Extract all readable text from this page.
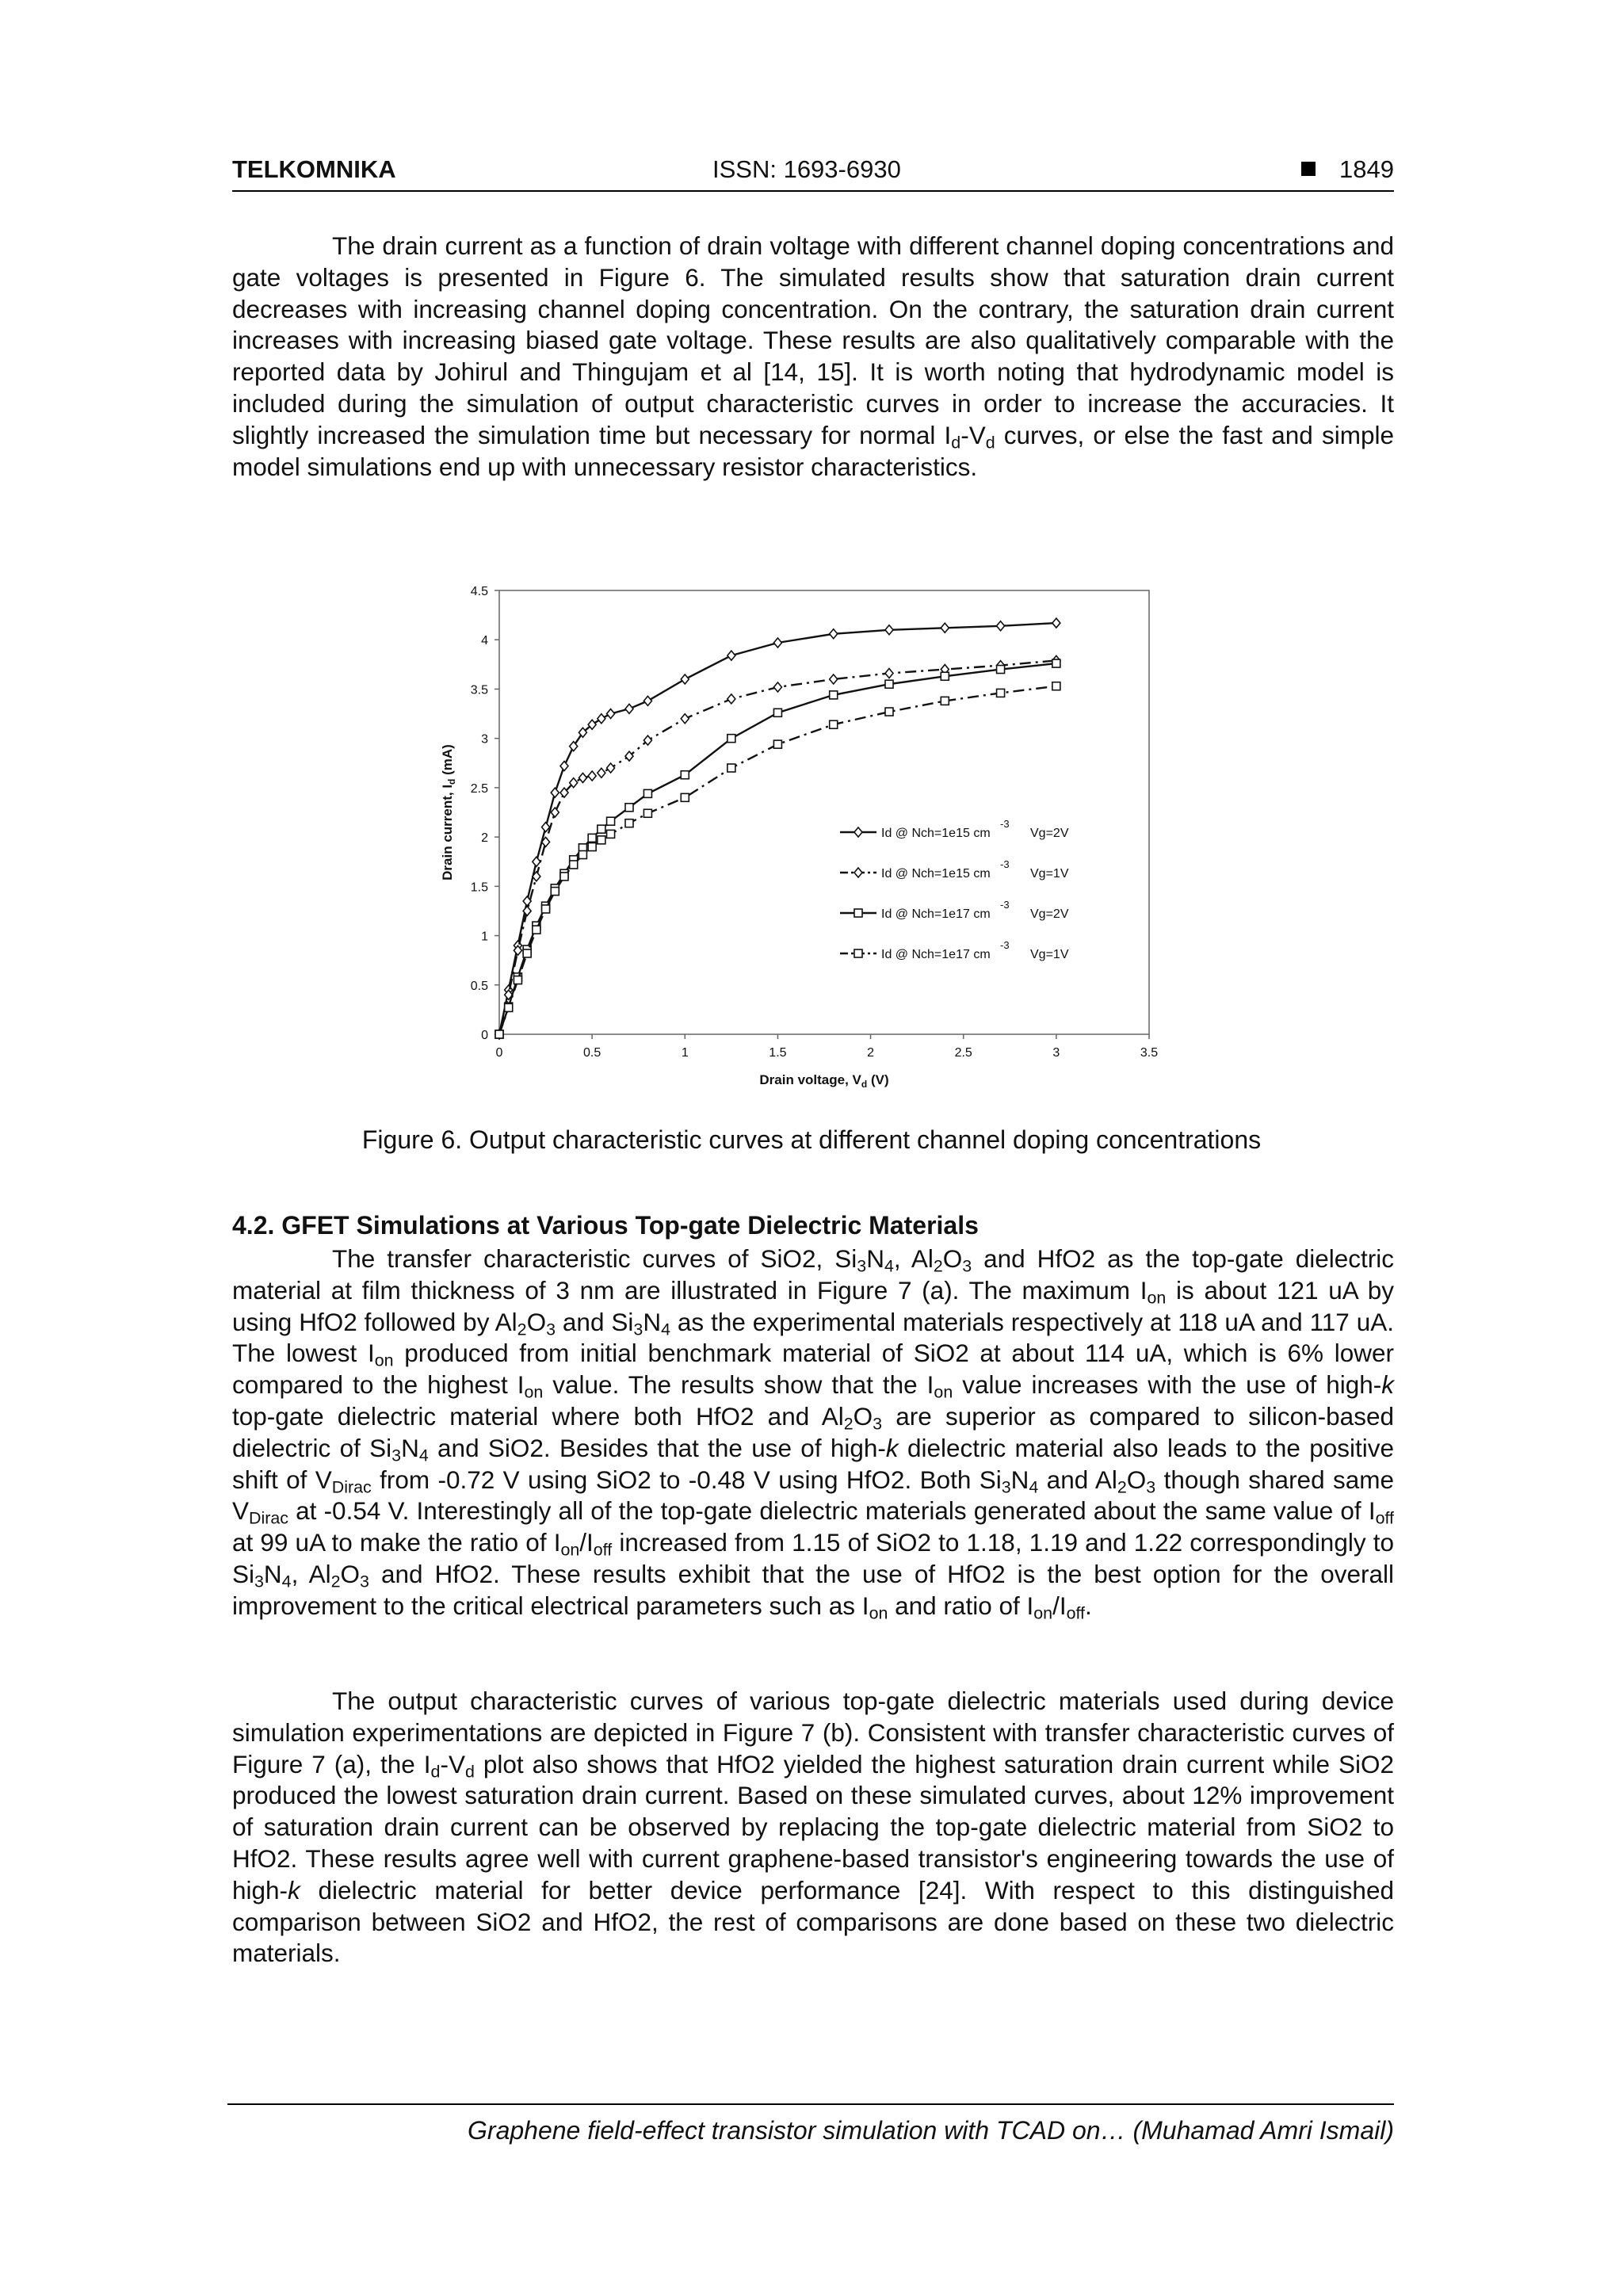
TELKOMNIKA	ISSN: 1693-6930	1849

The drain current as a function of drain voltage with different channel doping concentrations and gate voltages is presented in Figure 6. The simulated results show that saturation drain current decreases with increasing channel doping concentration. On the contrary, the saturation drain current increases with increasing biased gate voltage. These results are also qualitatively comparable with the reported data by Johirul and Thingujam et al [14, 15]. It is worth noting that hydrodynamic model is included during the simulation of output characteristic curves in order to increase the accuracies. It slightly increased the simulation time but necessary for normal $I_d-V_d$ curves, or else the fast and simple model simulations end up with unnecessary resistor characteristics.

0	0.5	1	1.5	2	2.5	3	3.5
0
0.5
1
1.5
2
2.5
3
3.5
4
4.5
Id @ Nch=1e15 cm
-3
Vg=2V
Id @ Nch=1e15 cm
-3
Vg=1V
Id @ Nch=1e17 cm
-3
Vg=2V
Id @ Nch=1e17 cm
-3
Vg=1V
Drain voltage, $V_d$ (V)
Drain current, $I_d$ (mA)

Figure 6. Output characteristic curves at different channel doping concentrations

4.2. GFET Simulations at Various Top-gate Dielectric Materials

The transfer characteristic curves of SiO2, $Si_3N_4$, $Al_2O_3$ and HfO2 as the top-gate dielectric material at film thickness of 3 nm are illustrated in Figure 7 (a). The maximum $I_{on}$ is about 121 uA by using HfO2 followed by $Al_2O_3$ and $Si_3N_4$ as the experimental materials respectively at 118 uA and 117 uA. The lowest $I_{on}$ produced from initial benchmark material of SiO2 at about 114 uA, which is 6% lower compared to the highest $I_{on}$ value. The results show that the $I_{on}$ value increases with the use of high-k top-gate dielectric material where both HfO2 and $Al_2O_3$ are superior as compared to silicon-based dielectric of $Si_3N_4$ and SiO2. Besides that the use of high-k dielectric material also leads to the positive shift of $V_{Dirac}$ from -0.72 V using SiO2 to -0.48 V using HfO2. Both $Si_3N_4$ and $Al_2O_3$ though shared same $V_{Dirac}$ at -0.54 V. Interestingly all of the top-gate dielectric materials generated about the same value of $I_{off}$ at 99 uA to make the ratio of $I_{on}/I_{off}$ increased from 1.15 of SiO2 to 1.18, 1.19 and 1.22 correspondingly to $Si_3N_4$, $Al_2O_3$ and HfO2. These results exhibit that the use of HfO2 is the best option for the overall improvement to the critical electrical parameters such as $I_{on}$ and ratio of $I_{on}/I_{off}$.

The output characteristic curves of various top-gate dielectric materials used during device simulation experimentations are depicted in Figure 7 (b). Consistent with transfer characteristic curves of Figure 7 (a), the $I_d-V_d$ plot also shows that HfO2 yielded the highest saturation drain current while SiO2 produced the lowest saturation drain current. Based on these simulated curves, about 12% improvement of saturation drain current can be observed by replacing the top-gate dielectric material from SiO2 to HfO2. These results agree well with current graphene-based transistor's engineering towards the use of high-k dielectric material for better device performance [24]. With respect to this distinguished comparison between SiO2 and HfO2, the rest of comparisons are done based on these two dielectric materials.

Graphene field-effect transistor simulation with TCAD on… (Muhamad Amri Ismail)
